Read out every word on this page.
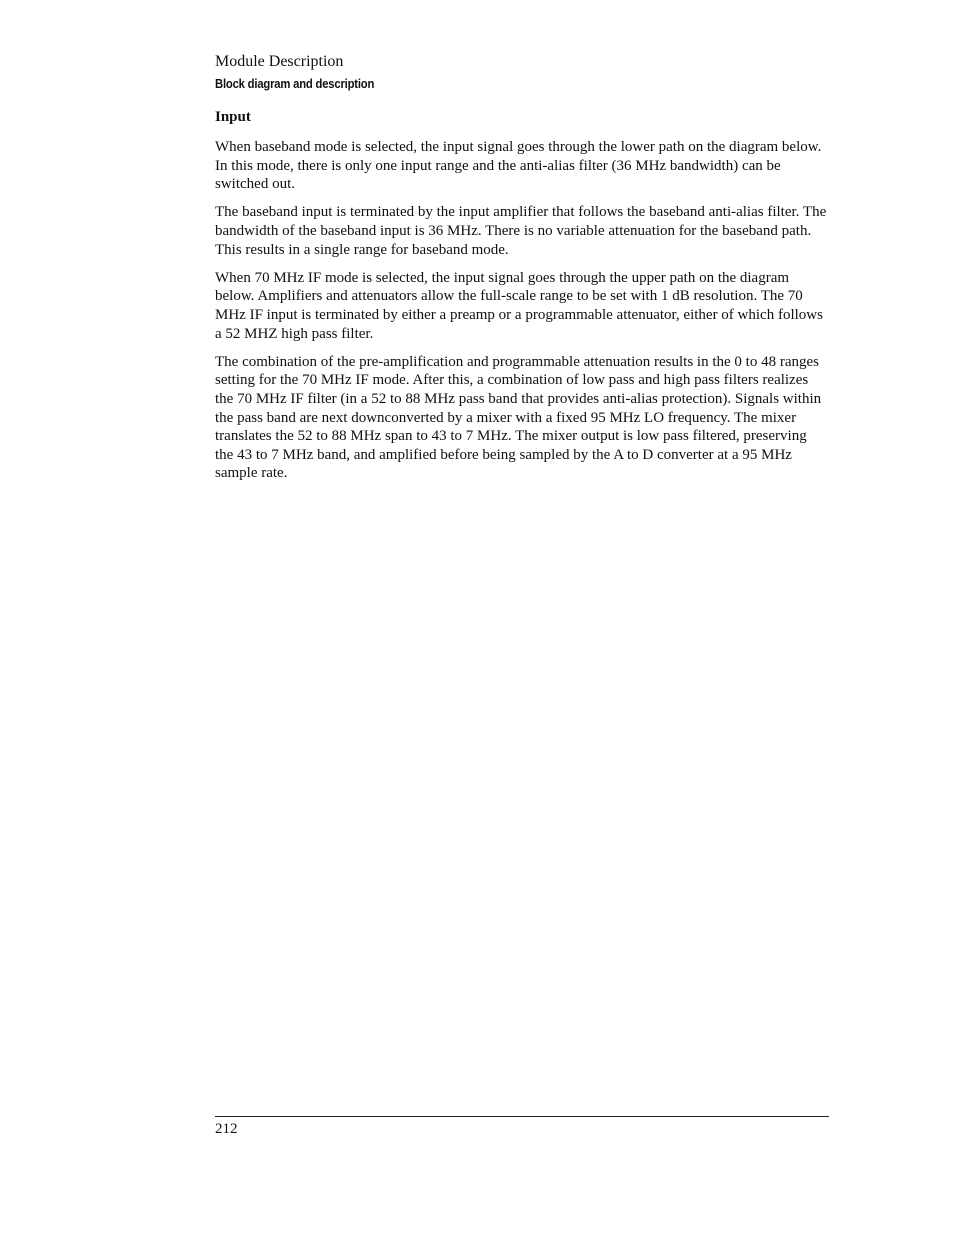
Module Description
Block diagram and description
Input

When baseband mode is selected, the input signal goes through the lower path on the diagram below. In this mode, there is only one input range and the anti-alias filter (36 MHz bandwidth) can be switched out.

The baseband input is terminated by the input amplifier that follows the baseband anti-alias filter. The bandwidth of the baseband input is 36 MHz. There is no variable attenuation for the baseband path. This results in a single range for baseband mode.

When 70 MHz IF mode is selected, the input signal goes through the upper path on the diagram below. Amplifiers and attenuators allow the full-scale range to be set with 1 dB resolution. The 70 MHz IF input is terminated by either a preamp or a programmable attenuator, either of which follows a 52 MHZ high pass filter.

The combination of the pre-amplification and programmable attenuation results in the 0 to 48 ranges setting for the 70 MHz IF mode. After this, a combination of low pass and high pass filters realizes the 70 MHz IF filter (in a 52 to 88 MHz pass band that provides anti-alias protection). Signals within the pass band are next downconverted by a mixer with a fixed 95 MHz LO frequency. The mixer translates the 52 to 88 MHz span to 43 to 7 MHz. The mixer output is low pass filtered, preserving the 43 to 7 MHz band, and amplified before being sampled by the A to D converter at a 95 MHz sample rate.

212
